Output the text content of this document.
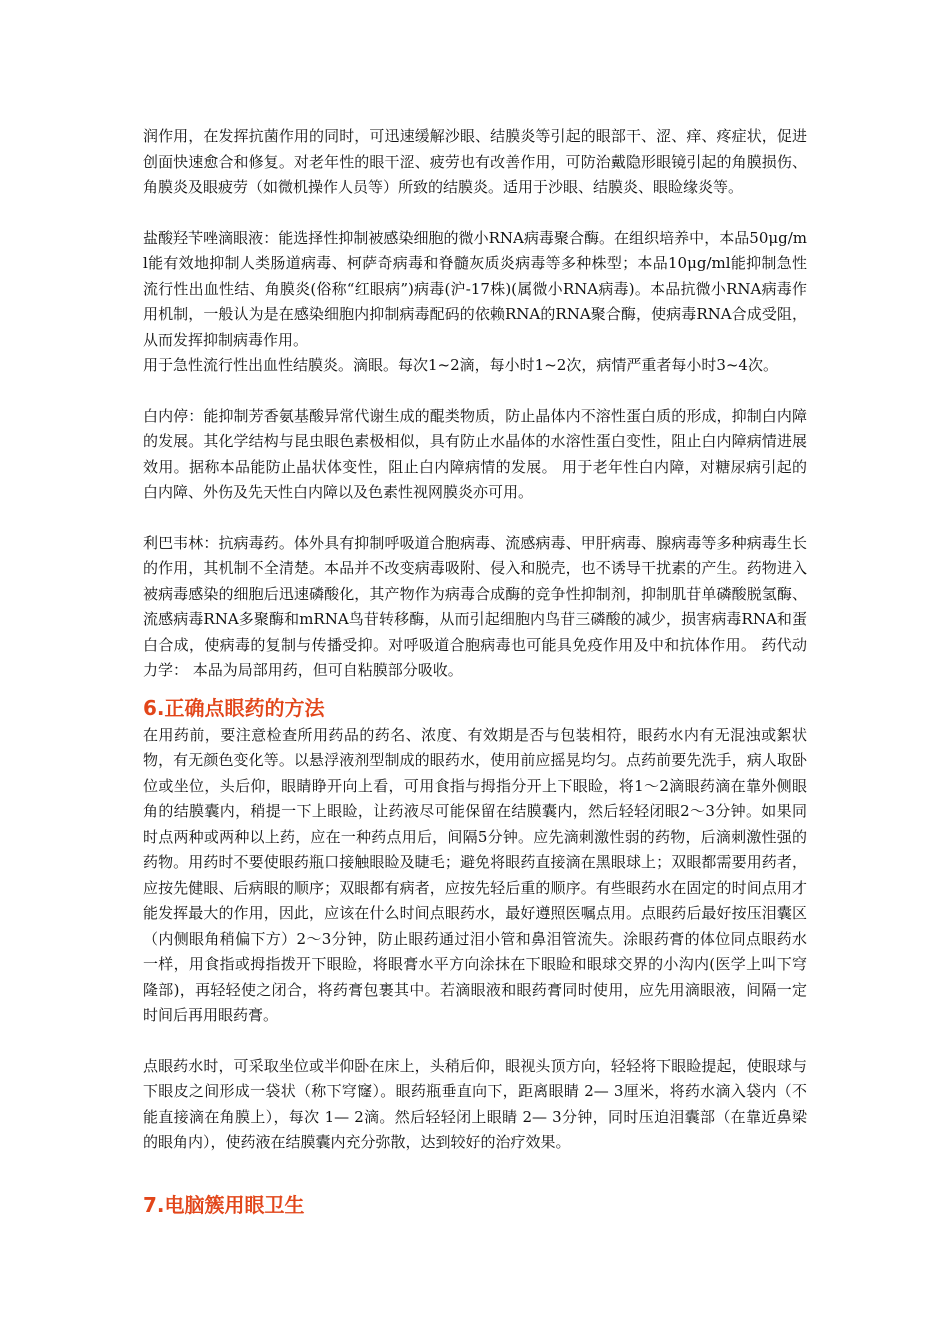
润作用，在发挥抗菌作用的同时，可迅速缓解沙眼、结膜炎等引起的眼部干、涩、痒、疼症状，促进创面快速愈合和修复。对老年性的眼干涩、疲劳也有改善作用，可防治戴隐形眼镜引起的角膜损伤、角膜炎及眼疲劳（如微机操作人员等）所致的结膜炎。适用于沙眼、结膜炎、眼睑缘炎等。

盐酸羟苄唑滴眼液：能选择性抑制被感染细胞的微小RNA病毒聚合酶。在组织培养中，本品50μg/ml能有效地抑制人类肠道病毒、柯萨奇病毒和脊髓灰质炎病毒等多种株型；本品10μg/ml能抑制急性流行性出血性结、角膜炎(俗称“红眼病”)病毒(沪-17株)(属微小RNA病毒)。本品抗微小RNA病毒作用机制，一般认为是在感染细胞内抑制病毒配码的依赖RNA的RNA聚合酶，使病毒RNA合成受阻，从而发挥抑制病毒作用。

用于急性流行性出血性结膜炎。滴眼。每次1~2滴，每小时1~2次，病情严重者每小时3~4次。

白内停：能抑制芳香氨基酸异常代谢生成的醌类物质，防止晶体内不溶性蛋白质的形成，抑制白内障的发展。其化学结构与昆虫眼色素极相似，具有防止水晶体的水溶性蛋白变性，阻止白内障病情进展效用。据称本品能防止晶状体变性，阻止白内障病情的发展。 用于老年性白内障，对糖尿病引起的白内障、外伤及先天性白内障以及色素性视网膜炎亦可用。

利巴韦林：抗病毒药。体外具有抑制呼吸道合胞病毒、流感病毒、甲肝病毒、腺病毒等多种病毒生长的作用，其机制不全清楚。本品并不改变病毒吸附、侵入和脱壳，也不诱导干扰素的产生。药物进入被病毒感染的细胞后迅速磷酸化，其产物作为病毒合成酶的竞争性抑制剂，抑制肌苷单磷酸脱氢酶、流感病毒RNA多聚酶和mRNA鸟苷转移酶，从而引起细胞内鸟苷三磷酸的减少，损害病毒RNA和蛋白合成，使病毒的复制与传播受抑。对呼吸道合胞病毒也可能具免疫作用及中和抗体作用。 药代动力学： 本品为局部用药，但可自粘膜部分吸收。

6.正确点眼药的方法

在用药前，要注意检查所用药品的药名、浓度、有效期是否与包装相符，眼药水内有无混浊或絮状物，有无颜色变化等。以悬浮液剂型制成的眼药水，使用前应摇晃均匀。点药前要先洗手，病人取卧位或坐位，头后仰，眼睛睁开向上看，可用食指与拇指分开上下眼睑，将1～2滴眼药滴在靠外侧眼角的结膜囊内，稍提一下上眼睑，让药液尽可能保留在结膜囊内，然后轻轻闭眼2～3分钟。如果同时点两种或两种以上药，应在一种药点用后，间隔5分钟。应先滴刺激性弱的药物，后滴刺激性强的药物。用药时不要使眼药瓶口接触眼睑及睫毛；避免将眼药直接滴在黑眼球上；双眼都需要用药者，应按先健眼、后病眼的顺序；双眼都有病者，应按先轻后重的顺序。有些眼药水在固定的时间点用才能发挥最大的作用，因此，应该在什么时间点眼药水，最好遵照医嘱点用。点眼药后最好按压泪囊区（内侧眼角稍偏下方）2～3分钟，防止眼药通过泪小管和鼻泪管流失。涂眼药膏的体位同点眼药水一样，用食指或拇指拨开下眼睑，将眼膏水平方向涂抹在下眼睑和眼球交界的小沟内(医学上叫下穹隆部)，再轻轻使之闭合，将药膏包裹其中。若滴眼液和眼药膏同时使用，应先用滴眼液，间隔一定时间后再用眼药膏。

点眼药水时，可采取坐位或半仰卧在床上，头稍后仰，眼视头顶方向，轻轻将下眼睑提起，使眼球与下眼皮之间形成一袋状（称下穹窿）。眼药瓶垂直向下，距离眼睛 2— 3厘米，将药水滴入袋内（不能直接滴在角膜上），每次 1— 2滴。然后轻轻闭上眼睛 2— 3分钟，同时压迫泪囊部（在靠近鼻梁的眼角内），使药液在结膜囊内充分弥散，达到较好的治疗效果。

7.电脑簇用眼卫生
